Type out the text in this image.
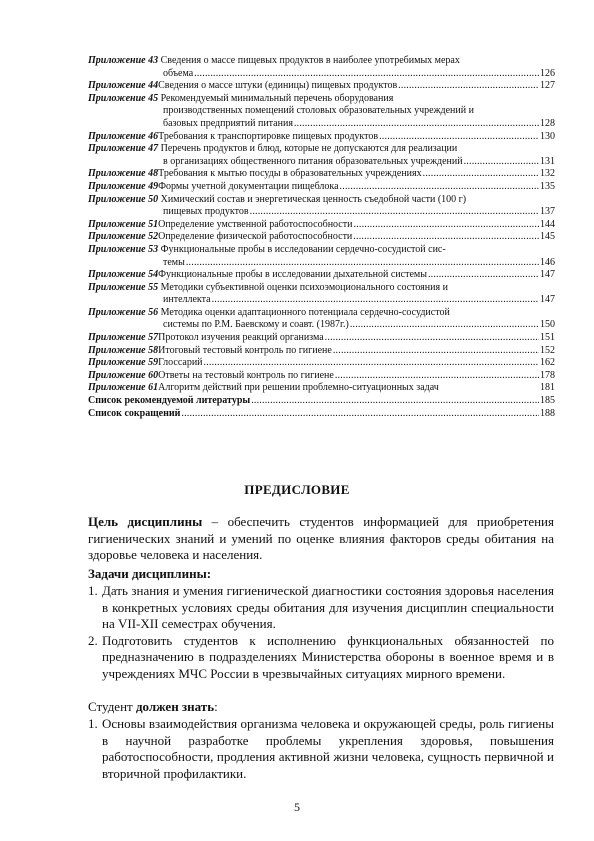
Приложение 43 Сведения о массе пищевых продуктов в наиболее употребимых мерах
объема .....	126
Приложение 44 Сведения о массе штуки (единицы) пищевых продуктов .....	127
Приложение 45 Рекомендуемый минимальный перечень оборудования
производственных помещений столовых образовательных учреждений и
базовых предприятий питания .....	128
Приложение 46 Требования к транспортировке пищевых продуктов .....	130
Приложение 47 Перечень продуктов и блюд, которые не допускаются для реализации
в организациях общественного питания образовательных учреждений .....	131
Приложение 48 Требования к мытью посуды в образовательных учреждениях .....	132
Приложение 49 Формы учетной документации пищеблока .....	135
Приложение 50 Химический состав и энергетическая ценность съедобной части (100 г)
пищевых продуктов .....	137
Приложение 51 Определение умственной работоспособности .....	144
Приложение 52 Определение физической работоспособности .....	145
Приложение 53 Функциональные пробы в исследовании сердечно-сосудистой сис-
темы .....	146
Приложение 54 Функциональные пробы в исследовании дыхательной системы .....	147
Приложение 55 Методики субъективной оценки психоэмоционального состояния и
интеллекта .....	147
Приложение 56 Методика оценки адаптационного потенциала сердечно-сосудистой
системы по Р.М. Баевскому и соавт. (1987г.) .....	150
Приложение 57 Протокол изучения реакций организма .....	151
Приложение 58 Итоговый тестовый контроль по гигиене .....	152
Приложение 59 Глоссарий .....	162
Приложение 60 Ответы на тестовый контроль по гигиене .....	178
Приложение 61 Алгоритм действий при решении проблемно-ситуационных задач	181
Список рекомендуемой литературы .....	185
Список сокращений .....	188
ПРЕДИСЛОВИЕ
Цель дисциплины – обеспечить студентов информацией для приобретения гигиенических знаний и умений по оценке влияния факторов среды обитания на здоровье человека и населения.
Задачи дисциплины:
1. Дать знания и умения гигиенической диагностики состояния здоровья населения в конкретных условиях среды обитания для изучения дисциплин специальности на VII-XII семестрах обучения.
2. Подготовить студентов к исполнению функциональных обязанностей по предназначению в подразделениях Министерства обороны в военное время и в учреждениях МЧС России в чрезвычайных ситуациях мирного времени.
Студент должен знать:
1. Основы взаимодействия организма человека и окружающей среды, роль гигиены в научной разработке проблемы укрепления здоровья, повышения работоспособности, продления активной жизни человека, сущность первичной и вторичной профилактики.
5
